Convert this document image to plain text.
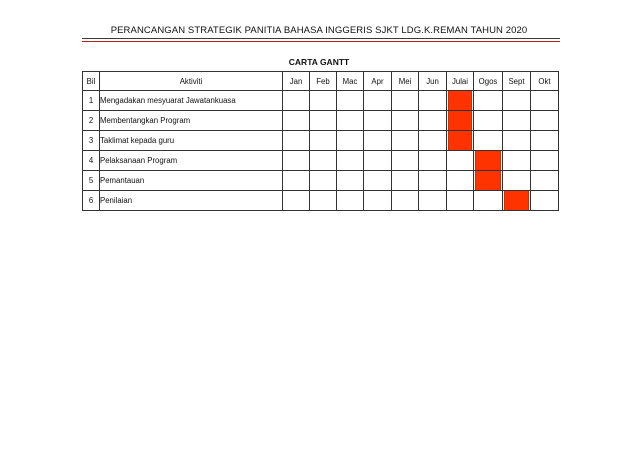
PERANCANGAN STRATEGIK PANITIA BAHASA INGGERIS SJKT LDG.K.REMAN TAHUN 2020
CARTA GANTT
Bil	Aktiviti	Jan	Feb	Mac	Apr	Mei	Jun	Julai	Ogos	Sept	Okt
1	Mengadakan mesyuarat Jawatankuasa							

2	Membentangkan Program							

3	Taklimat kepada guru							

4	Pelaksanaan Program								

5	Pemantauan								

6	Penilaian									
